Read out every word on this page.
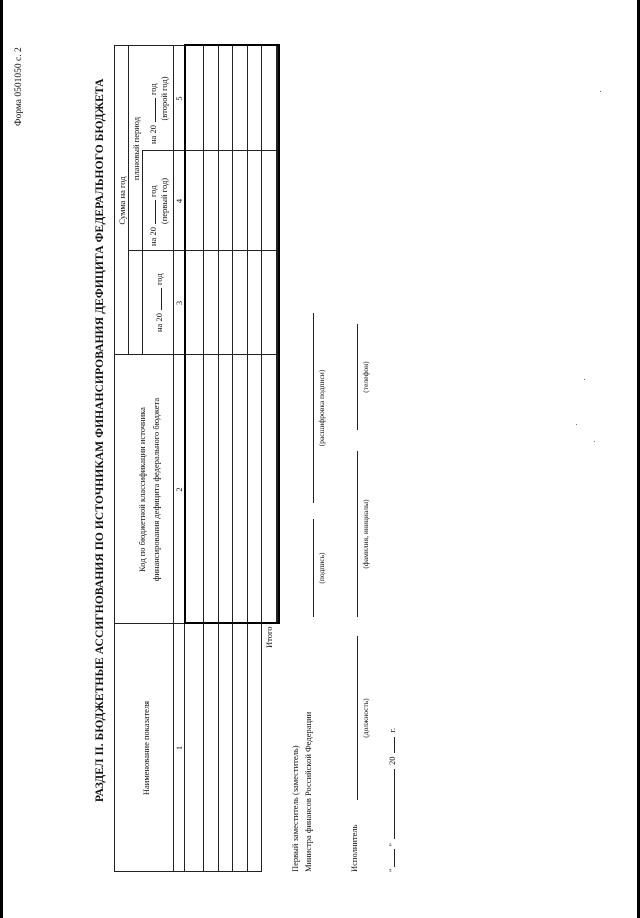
Форма 0501050 с. 2	РАЗДЕЛ II. БЮДЖЕТНЫЕ АССИГНОВАНИЯ ПО ИСТОЧНИКАМ ФИНАНСИРОВАНИЯ ДЕФИЦИТА ФЕДЕРАЛЬНОГО БЮДЖЕТА	Наименование показателя
Код по бюджетной классификации источника финансирования дефицита федерального бюджета
Сумма на год
на 20год
плановый период
на 20год (первый год)
на 20год (второй год)
1
2
3
4
5
Итого
Первый заместитель (заместитель) Министра финансов Российской Федерации
(подпись)
(расшифровка подписи)
Исполнитель
(должность)
(фамилия, инициалы)
(телефон)
""20г.
